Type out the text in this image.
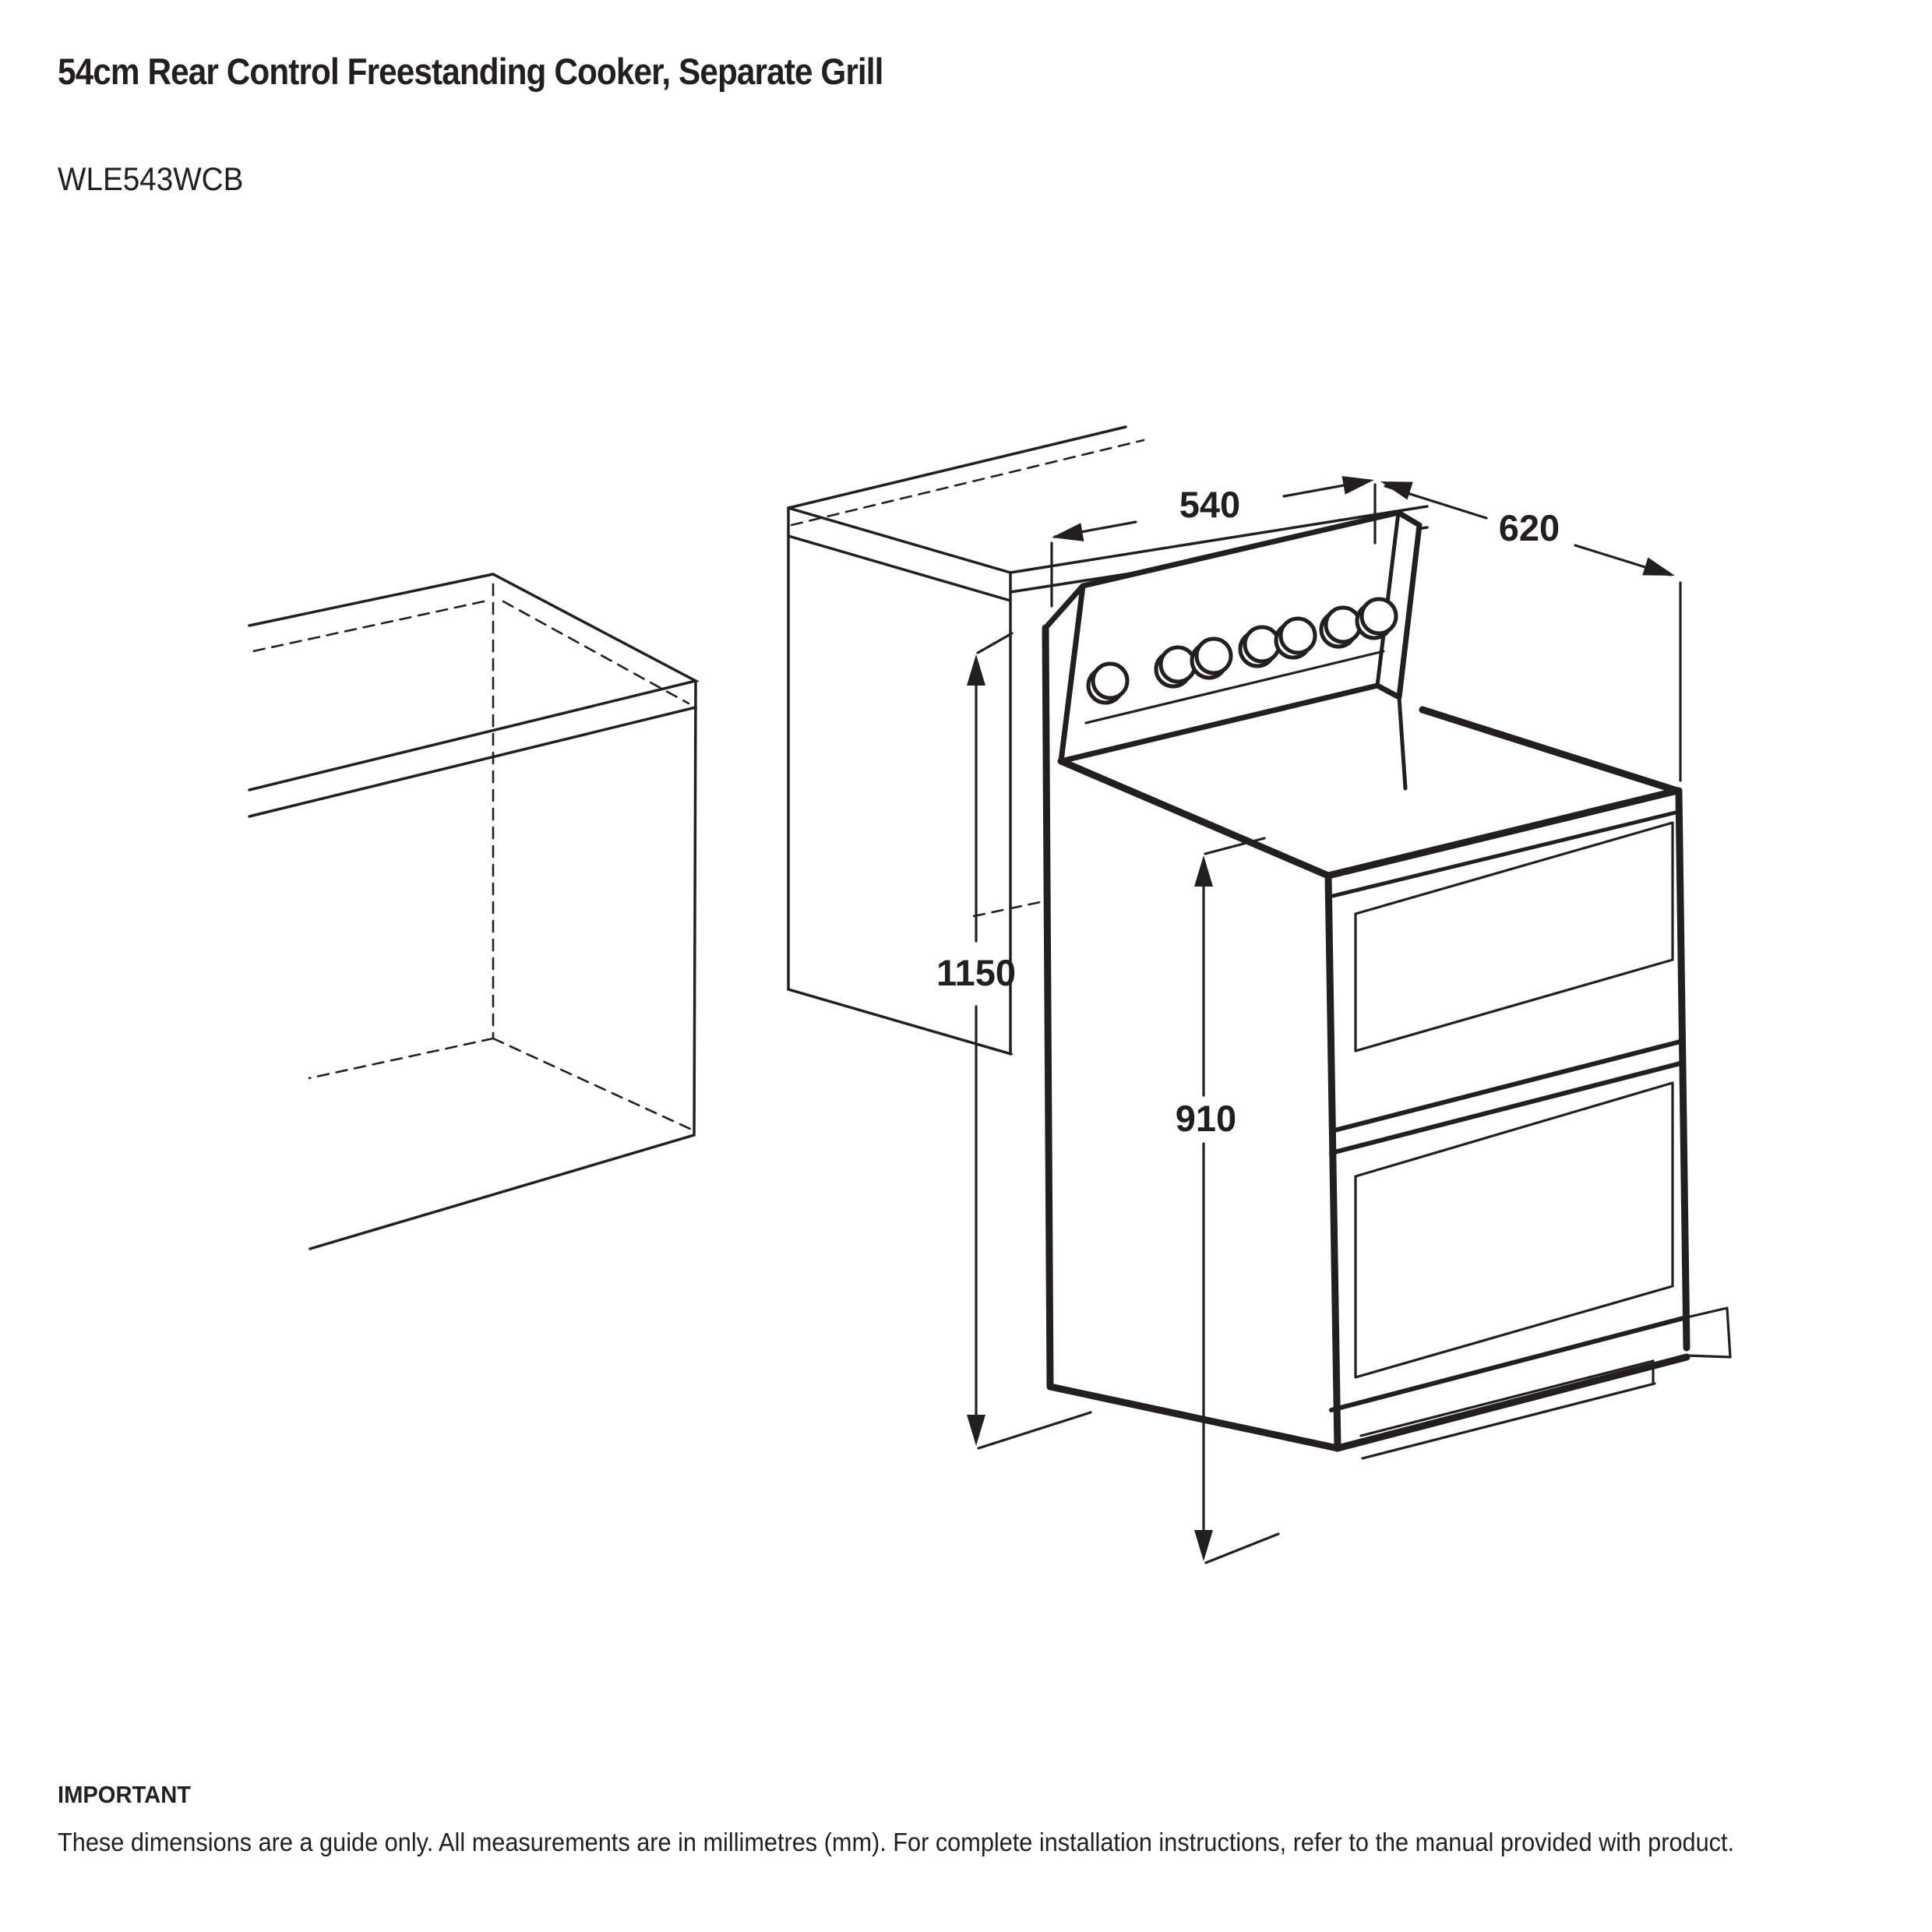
54cm Rear Control Freestanding Cooker, Separate Grill
WLE543WCB
540
620
1150
910
IMPORTANT
These dimensions are a guide only. All measurements are in millimetres (mm). For complete installation instructions, refer to the manual provided with product.
